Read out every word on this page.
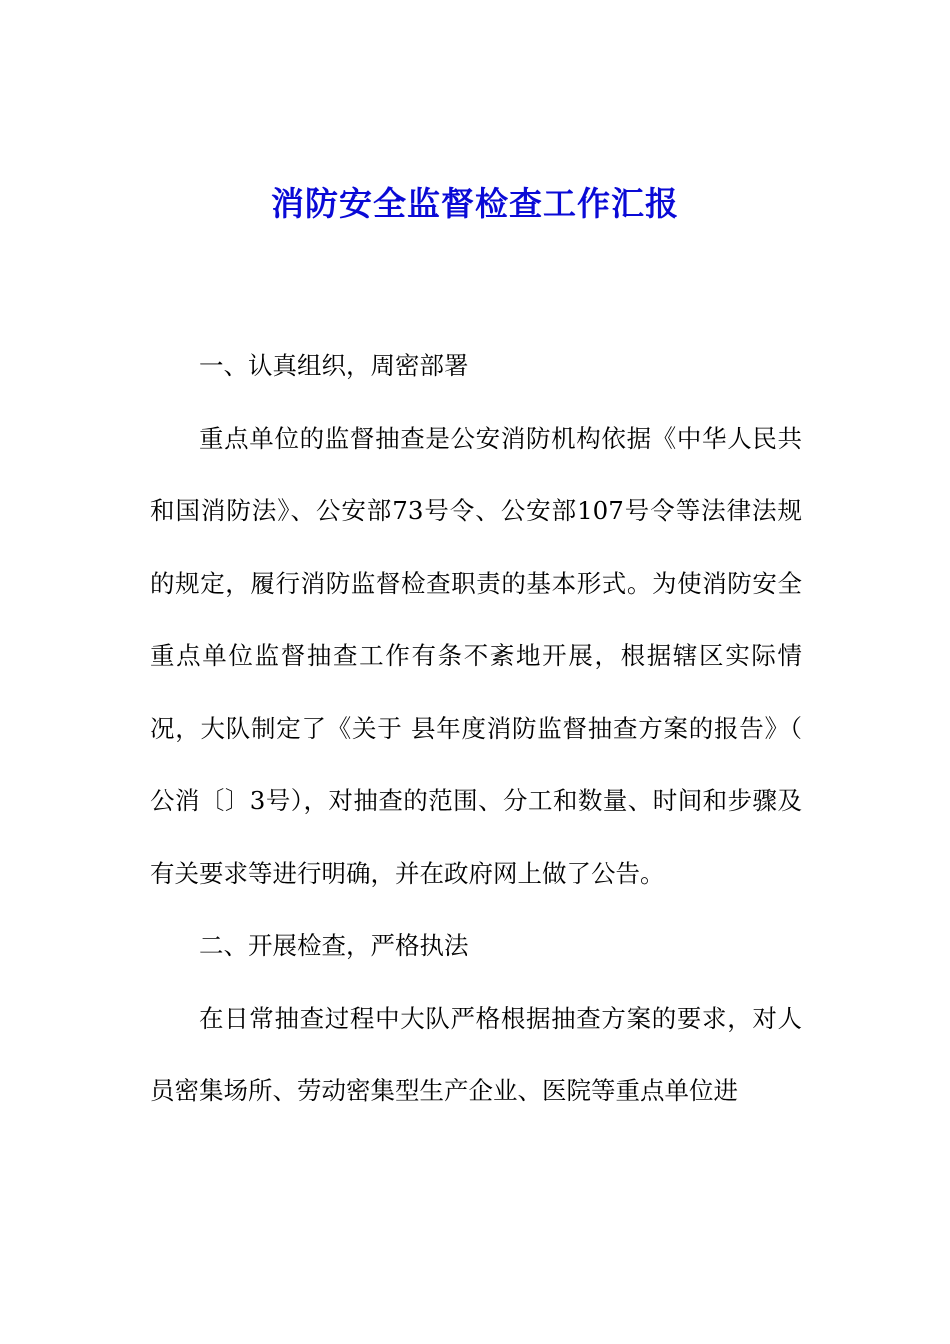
消防安全监督检查工作汇报

一、认真组织，周密部署

重点单位的监督抽查是公安消防机构依据《中华人民共和国消防法》、公安部73号令、公安部107号令等法律法规的规定，履行消防监督检查职责的基本形式。为使消防安全重点单位监督抽查工作有条不紊地开展，根据辖区实际情况，大队制定了《关于 县年度消防监督抽查方案的报告》（ 公消〔〕3号），对抽查的范围、分工和数量、时间和步骤及有关要求等进行明确，并在政府网上做了公告。

二、开展检查，严格执法

在日常抽查过程中大队严格根据抽查方案的要求，对人员密集场所、劳动密集型生产企业、医院等重点单位进
